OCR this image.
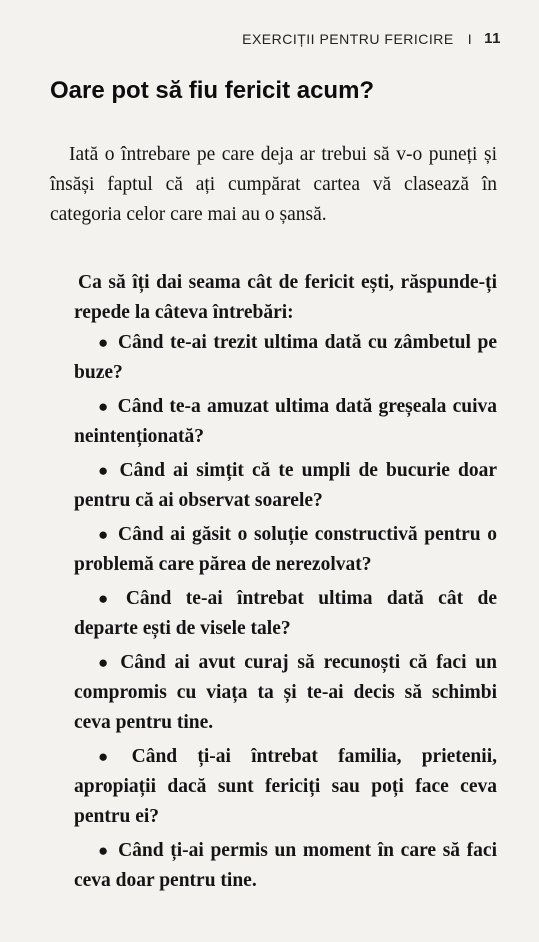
EXERCIȚII PENTRU FERICIRE I 11
Oare pot să fiu fericit acum?

Iată o întrebare pe care deja ar trebui să v-o puneți și însăși faptul că ați cumpărat cartea vă clasează în categoria celor care mai au o șansă.

Ca să îți dai seama cât de fericit ești, răspunde-ți repede la câteva întrebări:

● Când te-ai trezit ultima dată cu zâmbetul pe buze?
● Când te-a amuzat ultima dată greșeala cuiva neintenționată?
● Când ai simțit că te umpli de bucurie doar pentru că ai observat soarele?
● Când ai găsit o soluție constructivă pentru o problemă care părea de nerezolvat?
● Când te-ai întrebat ultima dată cât de departe ești de visele tale?
● Când ai avut curaj să recunoști că faci un compromis cu viața ta și te-ai decis să schimbi ceva pentru tine.
● Când ți-ai întrebat familia, prietenii, apropiații dacă sunt fericiți sau poți face ceva pentru ei?
● Când ți-ai permis un moment în care să faci ceva doar pentru tine.
